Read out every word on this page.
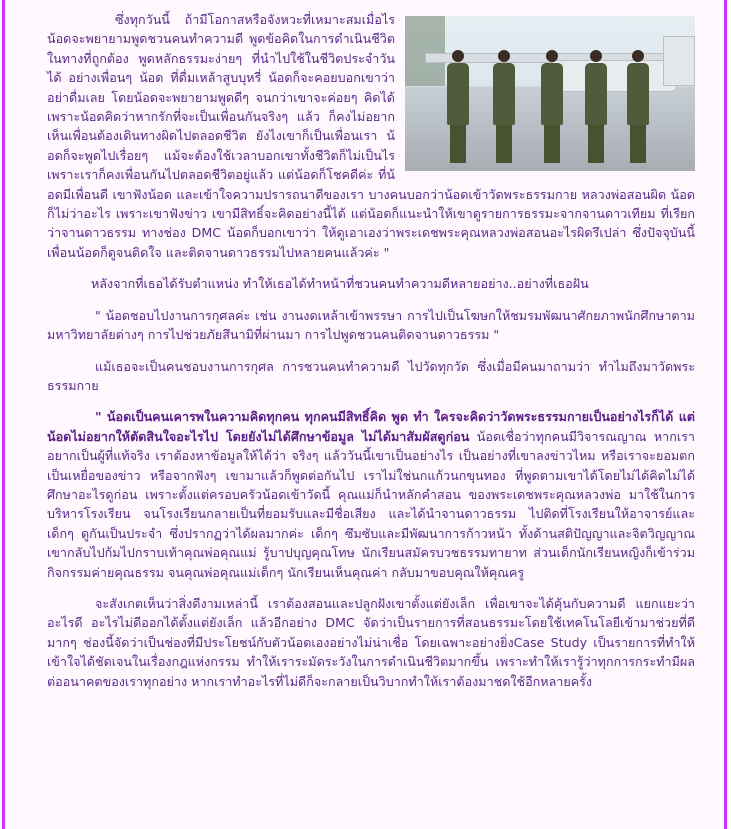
ซึ่งทุกวันนี้ ถ้ามีโอกาสหรือจังหวะที่เหมาะสมเมื่อไร น้อดจะพยายามพูดชวนคนทำความดี พูดข้อคิดในการดำเนินชีวิตในทางที่ถูกต้อง พูดหลักธรรมะง่ายๆ ที่นำไปใช้ในชีวิตประจำวันได้ อย่างเพื่อนๆ น้อด ที่ดื่มเหล้าสูบบุหรี่ น้อดก็จะคอยบอกเขาว่าอย่าดื่มเลย โดยน้อดจะพยายามพูดดีๆ จนกว่าเขาจะค่อยๆ คิดได้ เพราะน้อดคิดว่าหากรักที่จะเป็นเพื่อนกันจริงๆ แล้ว ก็คงไม่อยากเห็นเพื่อนต้องเดินทางผิดไปตลอดชีวิต ยังไงเขาก็เป็นเพื่อนเรา น้อดก็จะพูดไปเรื่อยๆ แม้จะต้องใช้เวลาบอกเขาทั้งชีวิตก็ไม่เป็นไร เพราะเราก็คงเพื่อนกันไปตลอดชีวิตอยู่แล้ว แต่น้อดก็โชคดีค่ะ ที่น้อดมีเพื่อนดี เขาฟังน้อด และเข้าใจความปรารถนาดีของเรา บางคนบอกว่าน้อดเข้าวัดพระธรรมกาย หลวงพ่อสอนผิด น้อดก็ไม่ว่าอะไร เพราะเขาฟังข่าว เขามีสิทธิ์จะคิดอย่างนี้ได้ แต่น้อดก็แนะนำให้เขาดูรายการธรรมะจากจานดาวเทียม ที่เรียกว่าจานดาวธรรม ทางช่อง DMC น้อดก็บอกเขาว่า ให้ดูเอาเองว่าพระเดชพระคุณหลวงพ่อสอนอะไรผิดรึเปล่า ซึ่งปัจจุบันนี้ เพื่อนน้อดก็ดูจนติดใจ และติดจานดาวธรรมไปหลายคนแล้วค่ะ "

หลังจากที่เธอได้รับตำแหน่ง ทำให้เธอได้ทำหน้าที่ชวนคนทำความดีหลายอย่าง..อย่างที่เธอฝัน

" น้อดชอบไปงานการกุศลค่ะ เช่น งานงดเหล้าเข้าพรรษา การไปเป็นโฆษกให้ชมรมพัฒนาศักยภาพนักศึกษาตามมหาวิทยาลัยต่างๆ การไปช่วยภัยสึนามิที่ผ่านมา การไปพูดชวนคนติดจานดาวธรรม "

แม้เธอจะเป็นคนชอบงานการกุศล การชวนคนทำความดี ไปวัดทุกวัด ซึ่งเมื่อมีคนมาถามว่า ทำไมถึงมาวัดพระธรรมกาย

" น้อดเป็นคนเคารพในความคิดทุกคน ทุกคนมีสิทธิ์คิด พูด ทำ ใครจะคิดว่าวัดพระธรรมกายเป็นอย่างไรก็ได้ แต่น้อดไม่อยากให้ตัดสินใจอะไรไป โดยยังไม่ได้ศึกษาข้อมูล ไม่ได้มาสัมผัสดูก่อน น้อดเชื่อว่าทุกคนมีวิจารณญาณ หากเราอยากเป็นผู้ที่แท้จริง เราต้องหาข้อมูลให้ได้ว่า จริงๆ แล้ววันนี้เขาเป็นอย่างไร เป็นอย่างที่เขาลงข่าวไหม หรือเราจะยอมตกเป็นเหยื่อของข่าว หรือจากฟังๆ เขามาแล้วก็พูดต่อกันไป เราไม่ใช่นกแก้วนกขุนทอง ที่พูดตามเขาได้โดยไม่ได้คิดไม่ได้ศึกษาอะไรดูก่อน เพราะตั้งแต่ครอบครัวน้อดเข้าวัดนี้ คุณแม่ก็นำหลักคำสอน ของพระเดชพระคุณหลวงพ่อ มาใช้ในการบริหารโรงเรียน จนโรงเรียนกลายเป็นที่ยอมรับและมีชื่อเสียง และได้นำจานดาวธรรม ไปติดที่โรงเรียนให้อาจารย์และเด็กๆ ดูกันเป็นประจำ ซึ่งปรากฏว่าได้ผลมากค่ะ เด็กๆ ซึมซับและมีพัฒนาการก้าวหน้า ทั้งด้านสติปัญญาและจิตวิญญาณ เขากลับไปก้มไปกราบเท้าคุณพ่อคุณแม่ รู้บาปบุญคุณโทษ นักเรียนสมัครบวชธรรมทายาท ส่วนเด็กนักเรียนหญิงก็เข้าร่วมกิจกรรมค่ายคุณธรรม จนคุณพ่อคุณแม่เด็กๆ นักเรียนเห็นคุณค่า กลับมาขอบคุณให้คุณครู

จะสังเกตเห็นว่าสิ่งดีงามเหล่านี้ เราต้องสอนและปลูกฝังเขาตั้งแต่ยังเล็ก เพื่อเขาจะได้คุ้นกับความดี แยกแยะว่าอะไรดี อะไรไม่ดีออกได้ตั้งแต่ยังเล็ก แล้วอีกอย่าง DMC จัดว่าเป็นรายการที่สอนธรรมะโดยใช้เทคโนโลยีเข้ามาช่วยที่ดีมากๆ ช่องนี้จัดว่าเป็นช่องที่มีประโยชน์กับตัวน้อดเองอย่างไม่น่าเชื่อ โดยเฉพาะอย่างยิ่งCase Study เป็นรายการที่ทำให้เข้าใจได้ชัดเจนในเรื่องกฎแห่งกรรม ทำให้เราระมัดระวังในการดำเนินชีวิตมากขึ้น เพราะทำให้เรารู้ว่าทุกการกระทำมีผลต่ออนาคตของเราทุกอย่าง หากเราทำอะไรที่ไม่ดีก็จะกลายเป็นวิบากทำให้เราต้องมาชดใช้อีกหลายครั้ง
